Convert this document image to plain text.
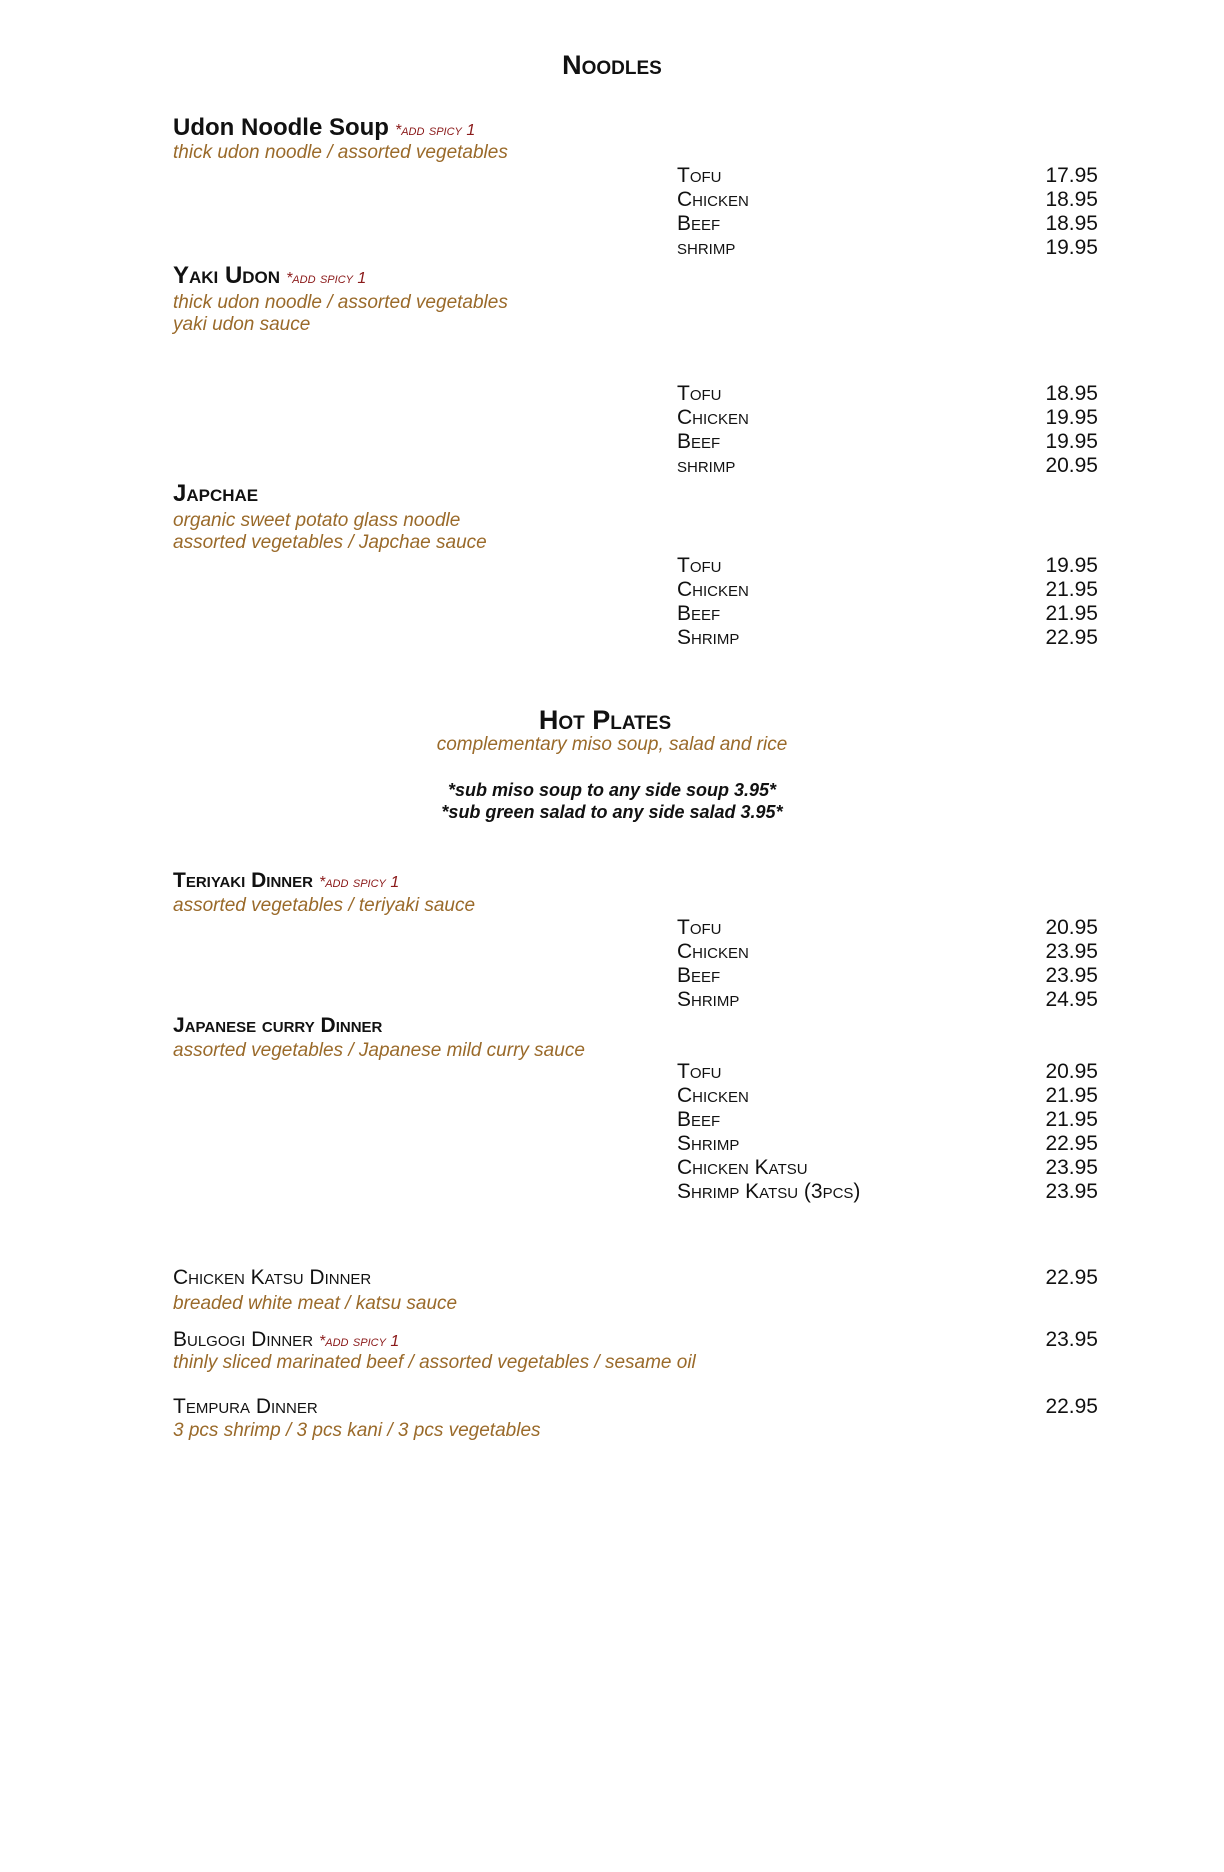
Noodles
Udon Noodle Soup *add spicy 1
thick udon noodle / assorted vegetables
Tofu	17.95
Chicken	18.95
Beef	18.95
shrimp	19.95
Yaki Udon *add spicy 1
thick udon noodle / assorted vegetables
yaki udon sauce
Tofu	18.95
Chicken	19.95
Beef	19.95
shrimp	20.95
Japchae
organic sweet potato glass noodle
assorted vegetables / Japchae sauce
Tofu	19.95
Chicken	21.95
Beef	21.95
Shrimp	22.95
Hot Plates
complementary miso soup, salad and rice
*sub miso soup to any side soup 3.95*
*sub green salad to any side salad 3.95*
Teriyaki Dinner *add spicy 1
assorted vegetables / teriyaki sauce
Tofu	20.95
Chicken	23.95
Beef	23.95
Shrimp	24.95
Japanese curry Dinner
assorted vegetables / Japanese mild curry sauce
Tofu	20.95
Chicken	21.95
Beef	21.95
Shrimp	22.95
Chicken Katsu	23.95
Shrimp Katsu (3pcs)	23.95
Chicken Katsu Dinner	22.95
breaded white meat / katsu sauce
Bulgogi Dinner *add spicy 1	23.95
thinly sliced marinated beef / assorted vegetables / sesame oil
Tempura Dinner	22.95
3 pcs shrimp / 3 pcs kani / 3 pcs vegetables
